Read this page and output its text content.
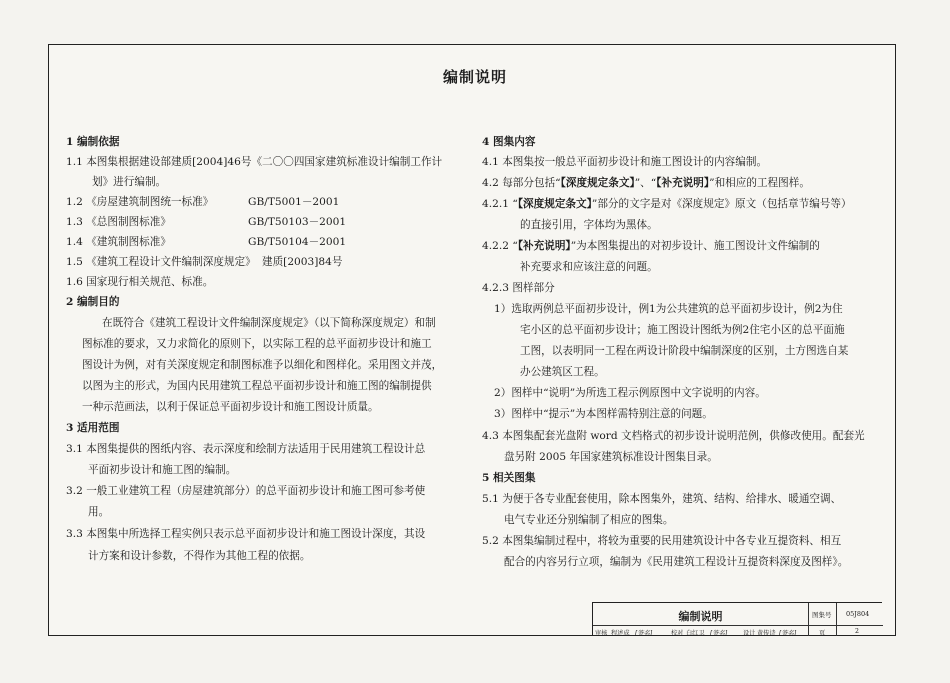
编制说明
1 编制依据
1.1 本图集根据建设部建质[2004]46号《二〇〇四国家建筑标准设计编制工作计
划》进行编制。
1.2 《房屋建筑制图统一标准》	GB/T5001－2001
1.3 《总图制图标准》	GB/T50103－2001
1.4 《建筑制图标准》	GB/T50104－2001
1.5 《建筑工程设计文件编制深度规定》 建质[2003]84号
1.6 国家现行相关规范、标准。
2 编制目的
在既符合《建筑工程设计文件编制深度规定》（以下简称深度规定）和制
图标准的要求，又力求简化的原则下，以实际工程的总平面初步设计和施工
图设计为例，对有关深度规定和制图标准予以细化和图样化。采用图文并茂，
以图为主的形式，为国内民用建筑工程总平面初步设计和施工图的编制提供
一种示范画法，以利于保证总平面初步设计和施工图设计质量。
3 适用范围
3.1 本图集提供的图纸内容、表示深度和绘制方法适用于民用建筑工程设计总
平面初步设计和施工图的编制。
3.2 一般工业建筑工程（房屋建筑部分）的总平面初步设计和施工图可参考使
用。
3.3 本图集中所选择工程实例只表示总平面初步设计和施工图设计深度，其设
计方案和设计参数，不得作为其他工程的依据。
4 图集内容
4.1 本图集按一般总平面初步设计和施工图设计的内容编制。
4.2 每部分包括“【深度规定条文】”、“【补充说明】”和相应的工程图样。
4.2.1 “【深度规定条文】”部分的文字是对《深度规定》原文（包括章节编号等）
的直接引用，字体均为黑体。
4.2.2 “【补充说明】”为本图集提出的对初步设计、施工图设计文件编制的
补充要求和应该注意的问题。
4.2.3 图样部分
1）选取两例总平面初步设计，例1为公共建筑的总平面初步设计，例2为住
宅小区的总平面初步设计；施工图设计图纸为例2住宅小区的总平面施
工图，以表明同一工程在两设计阶段中编制深度的区别，土方图选自某
办公建筑区工程。
2）图样中“说明”为所选工程示例原图中文字说明的内容。
3）图样中“提示”为本图样需特别注意的问题。
4.3 本图集配套光盘附 word 文档格式的初步设计说明范例，供修改使用。配套光
盘另附 2005 年国家建筑标准设计图集目录。
5 相关图集
5.1 为便于各专业配套使用，除本图集外，建筑、结构、给排水、暖通空调、
电气专业还分别编制了相应的图集。
5.2 本图集编制过程中，将较为重要的民用建筑设计中各专业互提资料、相互
配合的内容另行立项，编制为《民用建筑工程设计互提资料深度及图样》。
编制说明	图集号 05J804
审核 程述成 [签名]	校对 白红卫 [签名]	设计 黄传诗 [签名]	页	2
